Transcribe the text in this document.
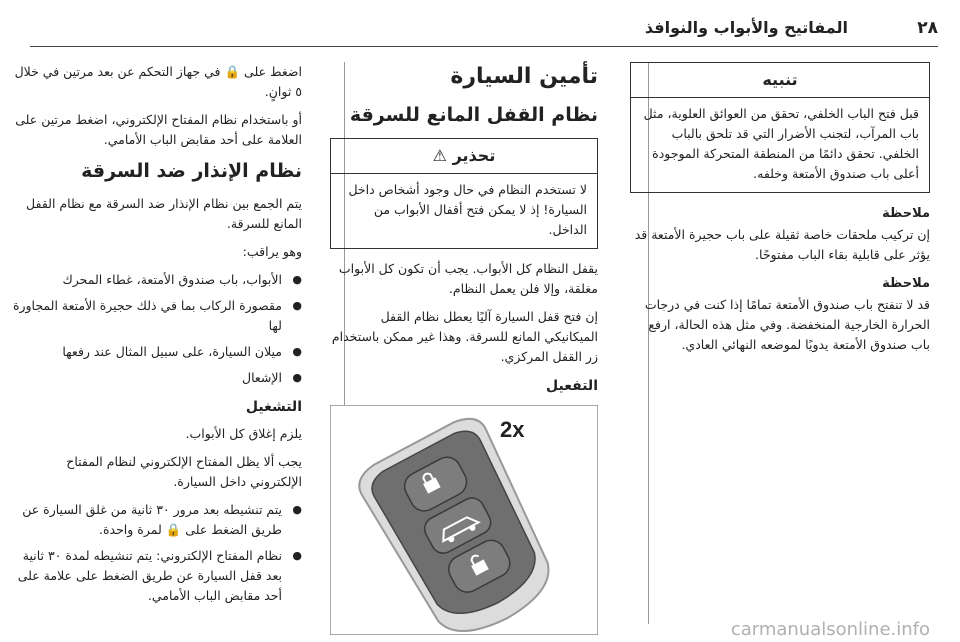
٢٨
المفاتيح والأبواب والنوافذ
تنبيه
قبل فتح الباب الخلفي، تحقق من العوائق العلوية، مثل باب المرآب، لتجنب الأضرار التي قد تلحق بالباب الخلفي. تحقق دائمًا من المنطقة المتحركة الموجودة أعلى باب صندوق الأمتعة وخلفه.
ملاحظة
إن تركيب ملحقات خاصة ثقيلة على باب حجيرة الأمتعة قد يؤثر على قابلية بقاء الباب مفتوحًا.
ملاحظة
قد لا تنفتح باب صندوق الأمتعة تمامًا إذا كنت في درجات الحرارة الخارجية المنخفضة. وفي مثل هذه الحالة، ارفع باب صندوق الأمتعة يدويًا لموضعه النهائي العادي.
تأمين السيارة
نظام القفل المانع للسرقة
تحذير ⚠
لا تستخدم النظام في حال وجود أشخاص داخل السيارة! إذ لا يمكن فتح أقفال الأبواب من الداخل.
يقفل النظام كل الأبواب. يجب أن تكون كل الأبواب مغلقة، وإلا فلن يعمل النظام.
إن فتح قفل السيارة آليًا يعطل نظام القفل الميكانيكي المانع للسرقة. وهذا غير ممكن باستخدام زر القفل المركزي.
التفعيل
2x
اضغط على 🔒 في جهاز التحكم عن بعد مرتين في خلال ٥ ثوانٍ.
أو باستخدام نظام المفتاح الإلكتروني، اضغط مرتين على العلامة على أحد مقابض الباب الأمامي.
نظام الإنذار ضد السرقة
يتم الجمع بين نظام الإنذار ضد السرقة مع نظام القفل المانع للسرقة.
وهو يراقب:
● الأبواب، باب صندوق الأمتعة، غطاء المحرك
● مقصورة الركاب بما في ذلك حجيرة الأمتعة المجاورة لها
● ميلان السيارة، على سبيل المثال عند رفعها
● الإشعال
التشغيل
يلزم إغلاق كل الأبواب.
يجب ألا يظل المفتاح الإلكتروني لنظام المفتاح الإلكتروني داخل السيارة.
● يتم تنشيطه بعد مرور ٣٠ ثانية من غلق السيارة عن طريق الضغط على 🔒 لمرة واحدة.
● نظام المفتاح الإلكتروني: يتم تنشيطه لمدة ٣٠ ثانية بعد قفل السيارة عن طريق الضغط على علامة على أحد مقابض الباب الأمامي.
carmanualsonline.info
